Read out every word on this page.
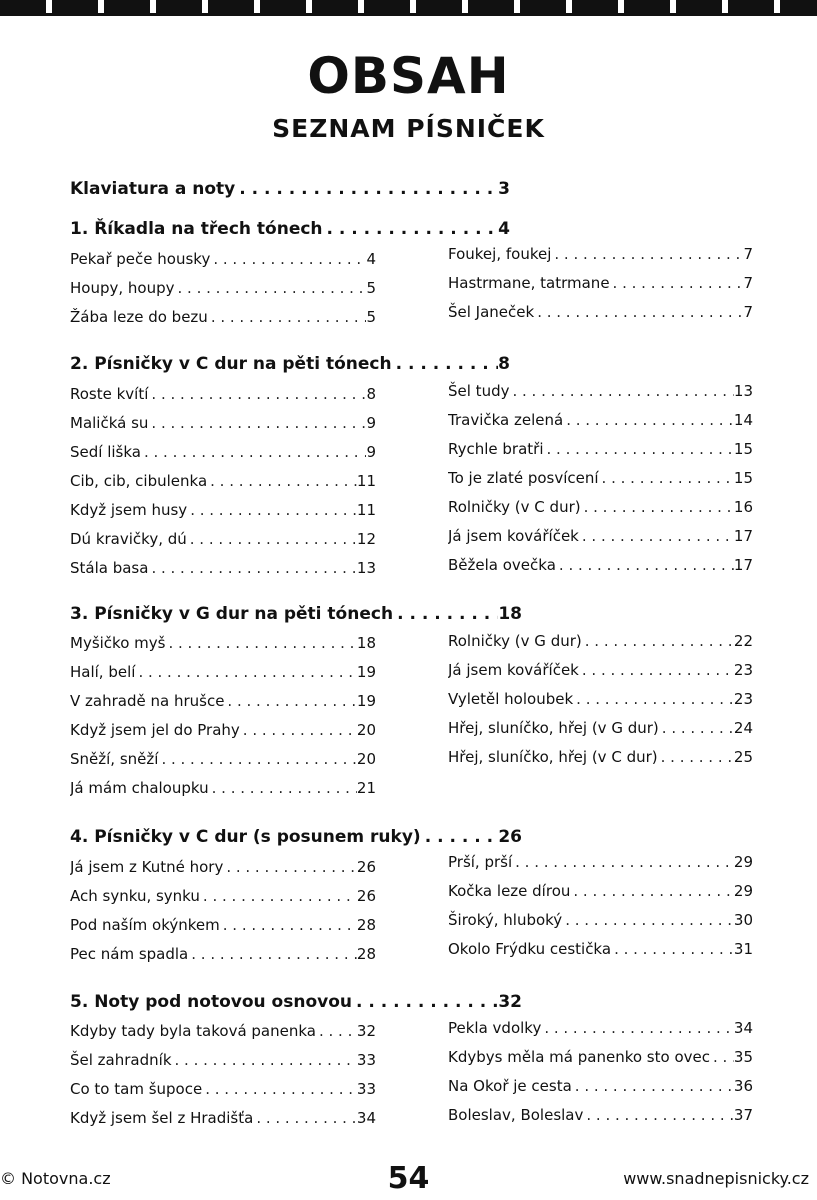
OBSAH
SEZNAM PÍSNIČEK
Klaviatura a noty . . .	3
1. Říkadla na třech tónech . . .	4
Pekař peče housky . . .	4
Houpy, houpy . . .	5
Žába leze do bezu . . .	5
Foukej, foukej . . .	7
Hastrmane, tatrmane . . .	7
Šel Janeček . . .	7
2. Písničky v C dur na pěti tónech . . .	8
Roste kvítí . . .	8
Maličká su . . .	9
Sedí liška . . .	9
Cib, cib, cibulenka . . .	11
Když jsem husy . . .	11
Dú kravičky, dú . . .	12
Stála basa . . .	13
Šel tudy . . .	13
Travička zelená . . .	14
Rychle bratři . . .	15
To je zlaté posvícení . . .	15
Rolničky (v C dur) . . .	16
Já jsem kováříček . . .	17
Běžela ovečka . . .	17
3. Písničky v G dur na pěti tónech . . .	18
Myšičko myš . . .	18
Halí, belí . . .	19
V zahradě na hrušce . . .	19
Když jsem jel do Prahy . . .	20
Sněží, sněží . . .	20
Já mám chaloupku . . .	21
Rolničky (v G dur) . . .	22
Já jsem kováříček . . .	23
Vyletěl holoubek . . .	23
Hřej, sluníčko, hřej (v G dur) . . .	24
Hřej, sluníčko, hřej (v C dur) . . .	25
4. Písničky v C dur (s posunem ruky) . . .	26
Já jsem z Kutné hory . . .	26
Ach synku, synku . . .	26
Pod naším okýnkem . . .	28
Pec nám spadla . . .	28
Prší, prší . . .	29
Kočka leze dírou . . .	29
Široký, hluboký . . .	30
Okolo Frýdku cestička . . .	31
5. Noty pod notovou osnovou . . .	32
Kdyby tady byla taková panenka . . .	32
Šel zahradník . . .	33
Co to tam šupoce . . .	33
Když jsem šel z Hradišťa . . .	34
Pekla vdolky . . .	34
Kdybys měla má panenko sto ovec . . . 35
Na Okoř je cesta . . .	36
Boleslav, Boleslav . . .	37
© Notovna.cz	54	www.snadnepisnicky.cz
